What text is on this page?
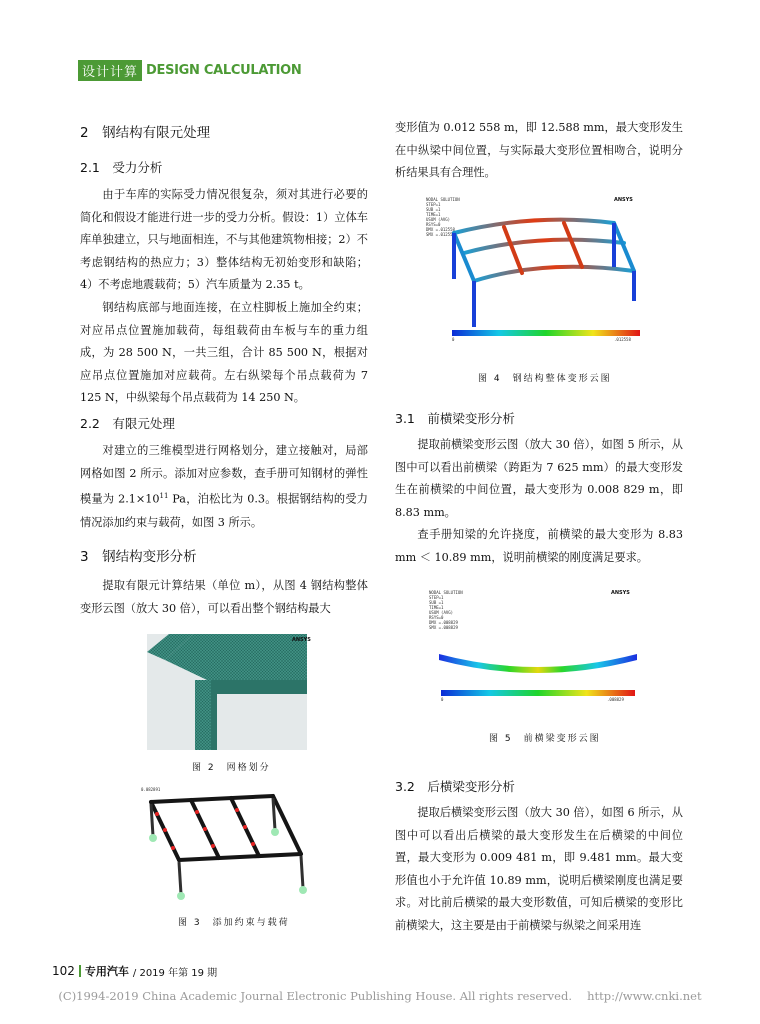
设计计算 DESIGN CALCULATION
2　钢结构有限元处理
2.1　受力分析

由于车库的实际受力情况很复杂，须对其进行必要的简化和假设才能进行进一步的受力分析。假设：1）立体车库单独建立，只与地面相连，不与其他建筑物相接；2）不考虑钢结构的热应力；3）整体结构无初始变形和缺陷；4）不考虑地震载荷；5）汽车质量为 2.35 t。

钢结构底部与地面连接，在立柱脚板上施加全约束；对应吊点位置施加载荷，每组载荷由车板与车的重力组成，为 28 500 N，一共三组，合计 85 500 N，根据对应吊点位置施加对应载荷。左右纵梁每个吊点载荷为 7 125 N，中纵梁每个吊点载荷为 14 250 N。

2.2　有限元处理

对建立的三维模型进行网格划分，建立接触对，局部网格如图 2 所示。添加对应参数，查手册可知钢材的弹性模量为 $2.1\times 10^{11}$ Pa，泊松比为 0.3。根据钢结构的受力情况添加约束与载荷，如图 3 所示。

3　钢结构变形分析

提取有限元计算结果（单位 m），从图 4 钢结构整体变形云图（放大 30 倍），可以看出整个钢结构最大

ANSYS
图 2　网格划分
0.082891
图 3　添加约束与载荷

变形值为 0.012 558 m，即 12.588 mm，最大变形发生在中纵梁中间位置，与实际最大变形位置相吻合，说明分析结果具有合理性。

NODAL SOLUTION
STEP=1
SUB =1
TIME=1
USUM (AVG)
RSYS=0
DMX =.012558
SMX =.012558
ANSYS
0	.012558
图 4　钢结构整体变形云图
3.1　前横梁变形分析

提取前横梁变形云图（放大 30 倍），如图 5 所示，从图中可以看出前横梁（跨距为 7 625 mm）的最大变形发生在前横梁的中间位置，最大变形为 0.008 829 m，即 8.83 mm。

查手册知梁的允许挠度，前横梁的最大变形为 8.83 mm ＜ 10.89 mm，说明前横梁的刚度满足要求。

NODAL SOLUTION
STEP=1
SUB =1
TIME=1
USUM (AVG)
RSYS=0
DMX =.008829
SMX =.008829
ANSYS
0	.008829
图 5　前横梁变形云图
3.2　后横梁变形分析

提取后横梁变形云图（放大 30 倍），如图 6 所示，从图中可以看出后横梁的最大变形发生在后横梁的中间位置，最大变形为 0.009 481 m，即 9.481 mm。最大变形值也小于允许值 10.89 mm，说明后横梁刚度也满足要求。对比前后横梁的最大变形数值，可知后横梁的变形比前横梁大，这主要是由于前横梁与纵梁之间采用连

102 专用汽车 / 2019 年第 19 期
(C)1994-2019 China Academic Journal Electronic Publishing House. All rights reserved.　 http://www.cnki.net
